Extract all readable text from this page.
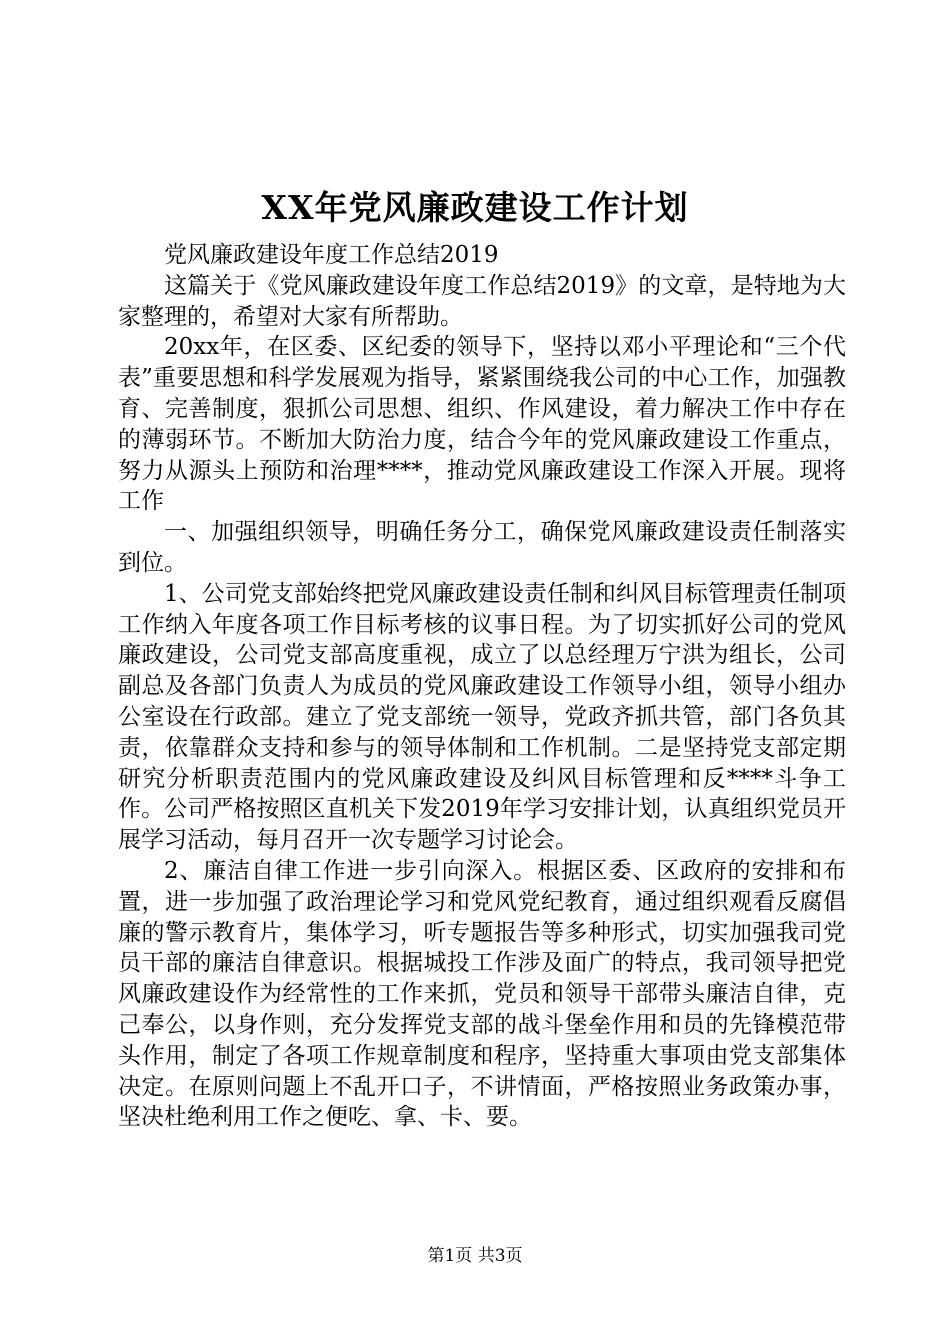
XX年党风廉政建设工作计划

党风廉政建设年度工作总结2019

这篇关于《党风廉政建设年度工作总结2019》的文章，是特地为大家整理的，希望对大家有所帮助。

20xx年，在区委、区纪委的领导下，坚持以邓小平理论和“三个代表”重要思想和科学发展观为指导，紧紧围绕我公司的中心工作，加强教育、完善制度，狠抓公司思想、组织、作风建设，着力解决工作中存在的薄弱环节。不断加大防治力度，结合今年的党风廉政建设工作重点，努力从源头上预防和治理****，推动党风廉政建设工作深入开展。现将工作

一、加强组织领导，明确任务分工，确保党风廉政建设责任制落实到位。

1、公司党支部始终把党风廉政建设责任制和纠风目标管理责任制项工作纳入年度各项工作目标考核的议事日程。为了切实抓好公司的党风廉政建设，公司党支部高度重视，成立了以总经理万宁洪为组长，公司副总及各部门负责人为成员的党风廉政建设工作领导小组，领导小组办公室设在行政部。建立了党支部统一领导，党政齐抓共管，部门各负其责，依靠群众支持和参与的领导体制和工作机制。二是坚持党支部定期研究分析职责范围内的党风廉政建设及纠风目标管理和反****斗争工作。公司严格按照区直机关下发2019年学习安排计划，认真组织党员开展学习活动，每月召开一次专题学习讨论会。

2、廉洁自律工作进一步引向深入。根据区委、区政府的安排和布置，进一步加强了政治理论学习和党风党纪教育，通过组织观看反腐倡廉的警示教育片，集体学习，听专题报告等多种形式，切实加强我司党员干部的廉洁自律意识。根据城投工作涉及面广的特点，我司领导把党风廉政建设作为经常性的工作来抓，党员和领导干部带头廉洁自律，克己奉公，以身作则，充分发挥党支部的战斗堡垒作用和员的先锋模范带头作用，制定了各项工作规章制度和程序，坚持重大事项由党支部集体决定。在原则问题上不乱开口子，不讲情面，严格按照业务政策办事，坚决杜绝利用工作之便吃、拿、卡、要。

第1页 共3页
